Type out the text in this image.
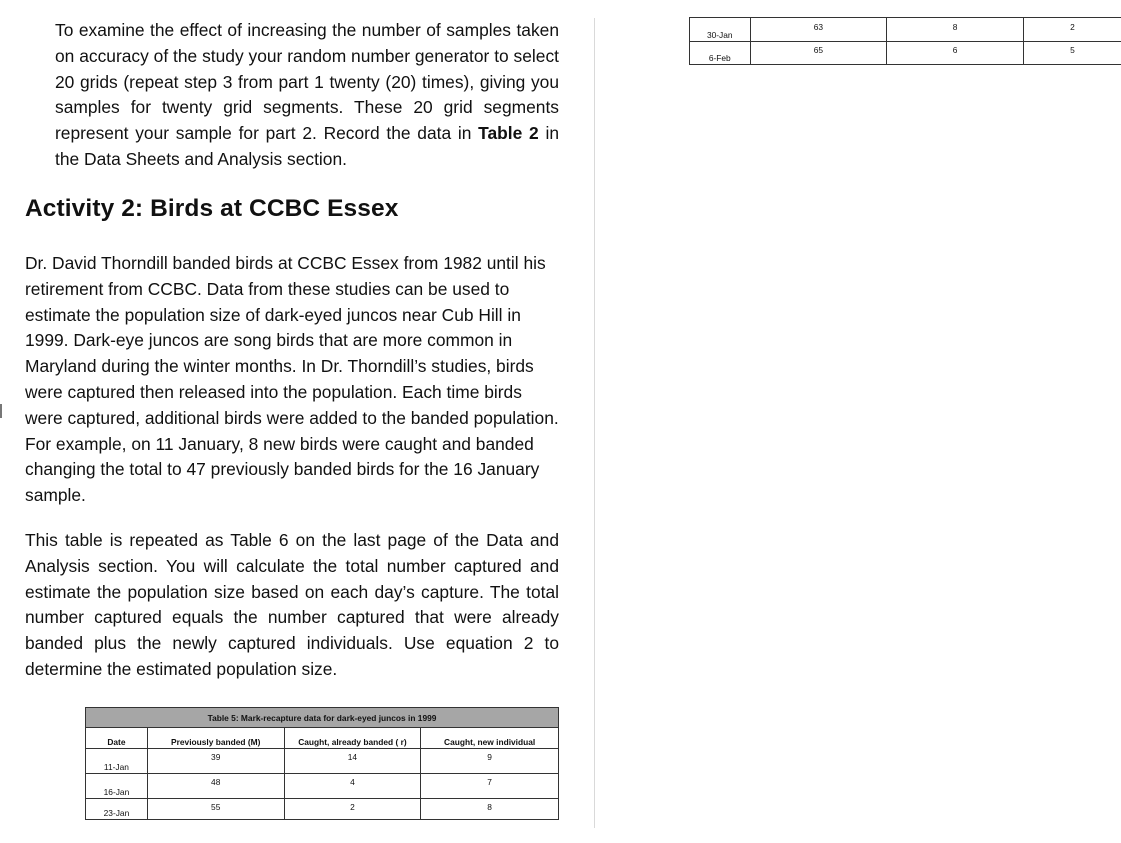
To examine the effect of increasing the number of samples taken on accuracy of the study your random number generator to select 20 grids (repeat step 3 from part 1 twenty (20) times), giving you samples for twenty grid segments. These 20 grid segments represent your sample for part 2. Record the data in Table 2 in the Data Sheets and Analysis section.

Activity 2: Birds at CCBC Essex

Dr. David Thorndill banded birds at CCBC Essex from 1982 until his retirement from CCBC. Data from these studies can be used to estimate the population size of dark-eyed juncos near Cub Hill in 1999. Dark-eye juncos are song birds that are more common in Maryland during the winter months. In Dr. Thorndill’s studies, birds were captured then released into the population. Each time birds were captured, additional birds were added to the banded population. For example, on 11 January, 8 new birds were caught and banded changing the total to 47 previously banded birds for the 16 January sample.

This table is repeated as Table 6 on the last page of the Data and Analysis section. You will calculate the total number captured and estimate the population size based on each day’s capture. The total number captured equals the number captured that were already banded plus the newly captured individuals. Use equation 2 to determine the estimated population size.

Table 5: Mark-recapture data for dark-eyed juncos in 1999			
Date	Previously banded (M)	Caught, already banded ( r)	Caught, new individual
11-Jan	39	14	9
16-Jan	48	4	7
23-Jan	55	2	8
30-Jan	63	8	2
6-Feb	65	6	5
